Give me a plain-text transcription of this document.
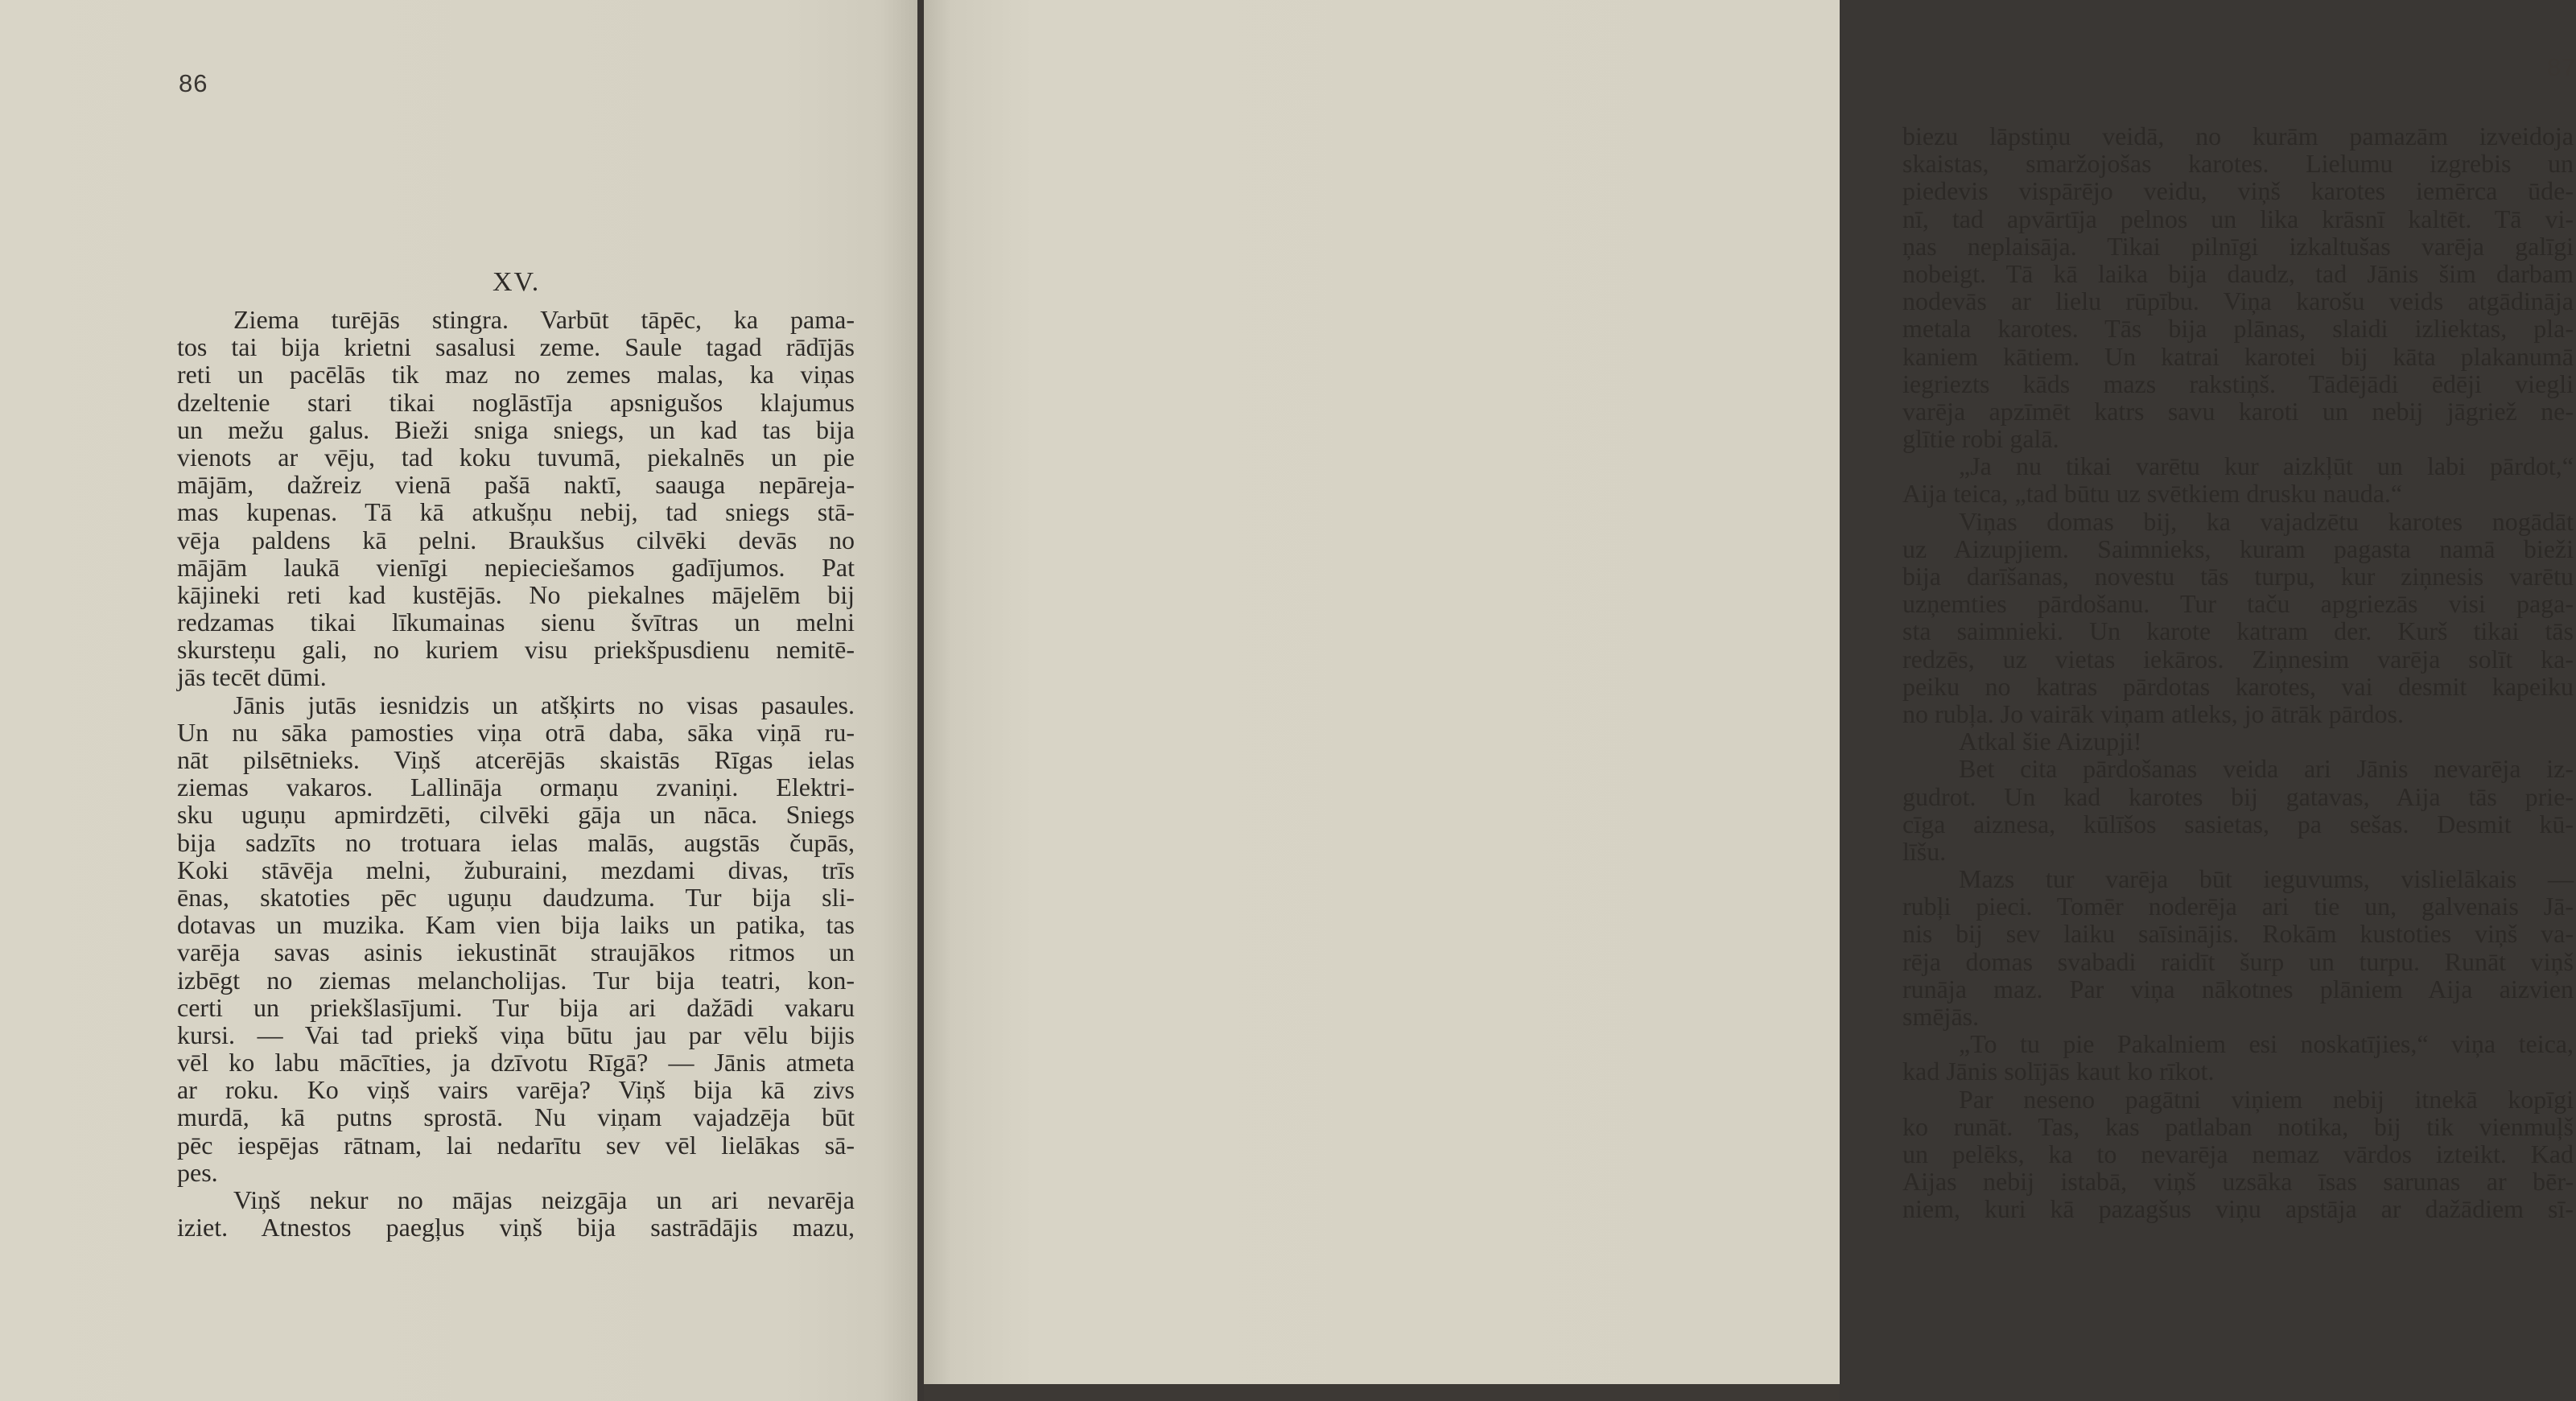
86
XV.
Ziema turējās stingra. Varbūt tāpēc, ka pama-
tos tai bija krietni sasalusi zeme. Saule tagad rādījās
reti un pacēlās tik maz no zemes malas, ka viņas
dzeltenie stari tikai noglāstīja apsnigušos klajumus
un mežu galus. Bieži sniga sniegs, un kad tas bija
vienots ar vēju, tad koku tuvumā, piekalnēs un pie
mājām, dažreiz vienā pašā naktī, saauga nepāreja-
mas kupenas. Tā kā atkušņu nebij, tad sniegs stā-
vēja paldens kā pelni. Braukšus cilvēki devās no
mājām laukā vienīgi nepieciešamos gadījumos. Pat
kājineki reti kad kustējās. No piekalnes mājelēm bij
redzamas tikai līkumainas sienu švītras un melni
skursteņu gali, no kuriem visu priekšpusdienu nemitē-
jās tecēt dūmi.
Jānis jutās iesnidzis un atšķirts no visas pasaules.
Un nu sāka pamosties viņa otrā daba, sāka viņā ru-
nāt pilsētnieks. Viņš atcerējās skaistās Rīgas ielas
ziemas vakaros. Lallināja ormaņu zvaniņi. Elektri-
sku uguņu apmirdzēti, cilvēki gāja un nāca. Sniegs
bija sadzīts no trotuara ielas malās, augstās čupās,
Koki stāvēja melni, žuburaini, mezdami divas, trīs
ēnas, skatoties pēc uguņu daudzuma. Tur bija sli-
dotavas un muzika. Kam vien bija laiks un patika, tas
varēja savas asinis iekustināt straujākos ritmos un
izbēgt no ziemas melancholijas. Tur bija teatri, kon-
certi un priekšlasījumi. Tur bija ari dažādi vakaru
kursi. — Vai tad priekš viņa būtu jau par vēlu bijis
vēl ko labu mācīties, ja dzīvotu Rīgā? — Jānis atmeta
ar roku. Ko viņš vairs varēja? Viņš bija kā zivs
murdā, kā putns sprostā. Nu viņam vajadzēja būt
pēc iespējas rātnam, lai nedarītu sev vēl lielākas sā-
pes.
Viņš nekur no mājas neizgāja un ari nevarēja
iziet. Atnestos paegļus viņš bija sastrādājis mazu,
87
biezu lāpstiņu veidā, no kurām pamazām izveidoja
skaistas, smaržojošas karotes. Lielumu izgrebis un
piedevis vispārējo veidu, viņš karotes iemērca ūde-
nī, tad apvārtīja pelnos un lika krāsnī kaltēt. Tā vi-
ņas neplaisāja. Tikai pilnīgi izkaltušas varēja galīgi
nobeigt. Tā kā laika bija daudz, tad Jānis šim darbam
nodevās ar lielu rūpību. Viņa karošu veids atgādināja
metala karotes. Tās bija plānas, slaidi izliektas, pla-
kaniem kātiem. Un katrai karotei bij kāta plakanumā
iegriezts kāds mazs rakstiņš. Tādējādi ēdēji viegli
varēja apzīmēt katrs savu karoti un nebij jāgriež ne-
glītie robi galā.
„Ja nu tikai varētu kur aizkļūt un labi pārdot,“
Aija teica, „tad būtu uz svētkiem drusku nauda.“
Viņas domas bij, ka vajadzētu karotes nogādāt
uz Aizupjiem. Saimnieks, kuram pagasta namā bieži
bija darīšanas, novestu tās turpu, kur ziņnesis varētu
uzņemties pārdošanu. Tur taču apgriezās visi paga-
sta saimnieki. Un karote katram der. Kurš tikai tās
redzēs, uz vietas iekāros. Ziņnesim varēja solīt ka-
peiku no katras pārdotas karotes, vai desmit kapeiku
no rubļa. Jo vairāk viņam atleks, jo ātrāk pārdos.
Atkal šie Aizupji!
Bet cita pārdošanas veida ari Jānis nevarēja iz-
gudrot. Un kad karotes bij gatavas, Aija tās prie-
cīga aiznesa, kūlīšos sasietas, pa sešas. Desmit kū-
līšu.
Mazs tur varēja būt ieguvums, vislielākais —
rubļi pieci. Tomēr noderēja ari tie un, galvenais Jā-
nis bij sev laiku saīsinājis. Rokām kustoties viņš va-
rēja domas svabadi raidīt šurp un turpu. Runāt viņš
runāja maz. Par viņa nākotnes plāniem Aija aizvien
smējās.
„To tu pie Pakalniem esi noskatījies,“ viņa teica,
kad Jānis solījās kaut ko rīkot.
Par neseno pagātni viņiem nebij itnekā kopīgi
ko runāt. Tas, kas patlaban notika, bij tik vienmuļš
un pelēks, ka to nevarēja nemaz vārdos izteikt. Kad
Aijas nebij istabā, viņš uzsāka īsas sarunas ar bēr-
niem, kuri kā pazagšus viņu apstāja ar dažādiem sī-
